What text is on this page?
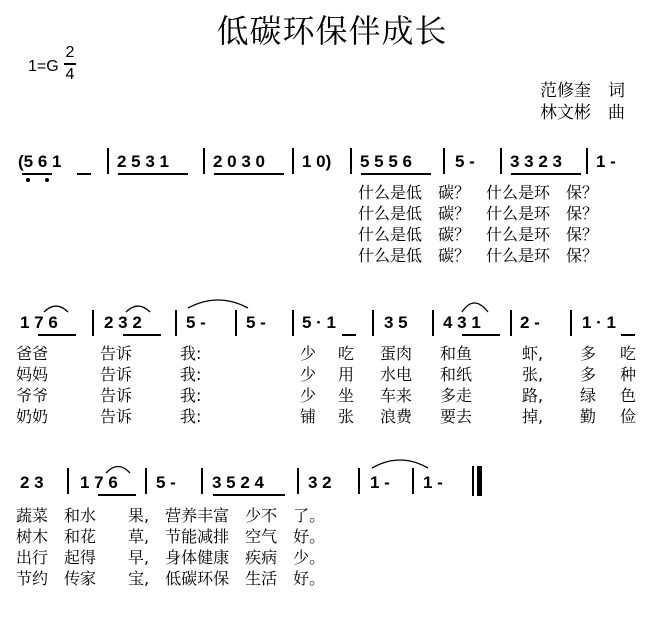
低碳环保伴成长
1=G
2
4
范修奎　词
林文彬　曲
(5 6 1	2 5 3 1	2 0 3 0 1 0) 5 5 5 6	5 - 3 3 2 3 1 -
什么是低　碳？　什么是环　保？
什么是低　碳？　什么是环　保？
什么是低　碳？　什么是环　保？
什么是低　碳？　什么是环　保？
1 7 6	2 3 2	5 - 5 - 5 · 1	3 5 4 3 1 2 - 1 · 1
爸爸	告诉	我:	少 吃 蛋肉 和鱼	虾, 多 吃
妈妈	告诉	我:	少 用 水电 和纸	张, 多 种
爷爷	告诉	我:	少 坐 车来 多走	路, 绿 色
奶奶	告诉	我:	铺 张 浪费 要去	掉, 勤 俭
2 3 1 7 6 5 - 3 5 2 4	3 2 1 - 1 -
蔬菜　和水　　果,　营养丰富　少不　了。
树木　和花　　草,　节能减排　空气　好。
出行　起得　　早,　身体健康　疾病　少。
节约　传家　　宝,　低碳环保　生活　好。
